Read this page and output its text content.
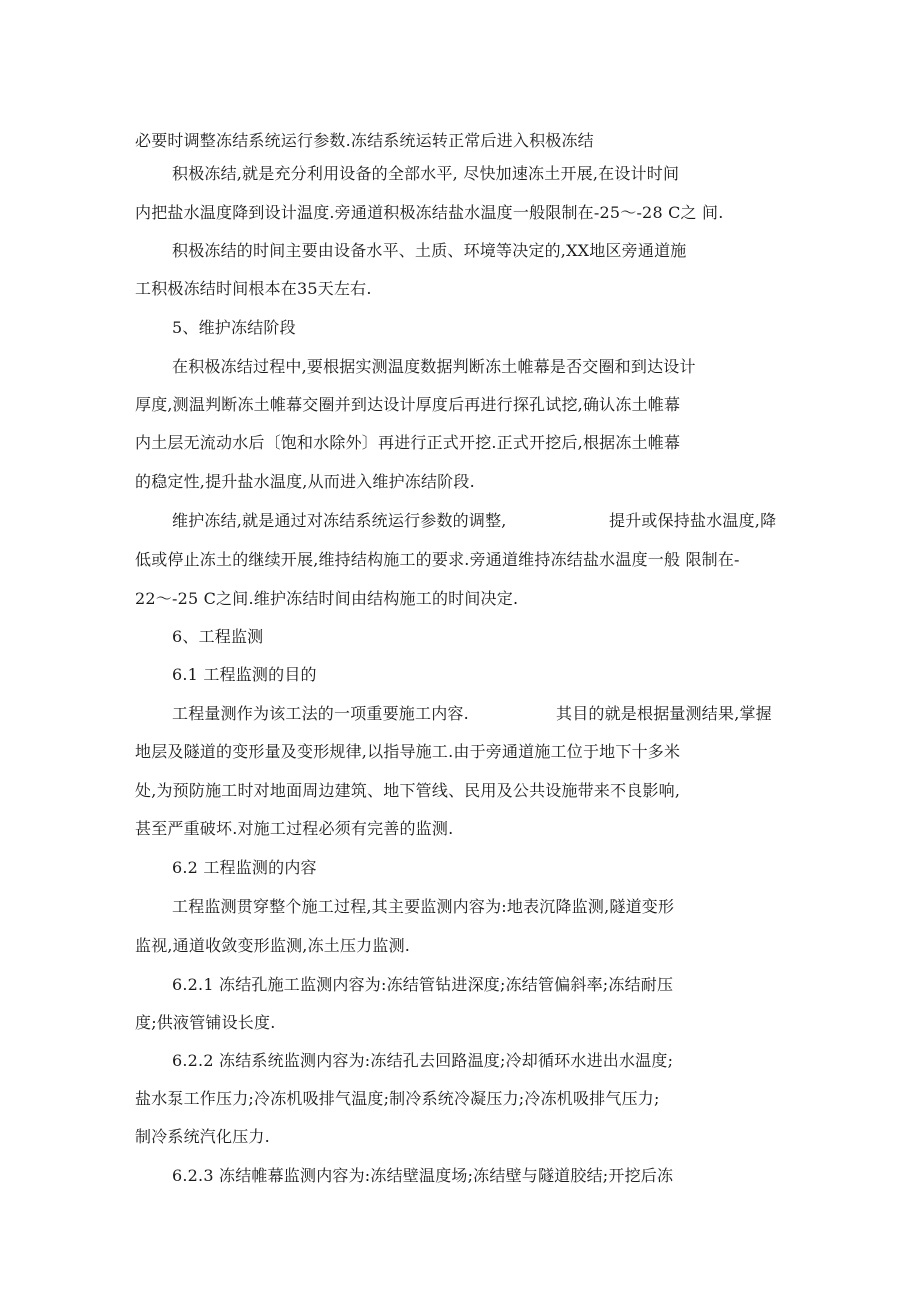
必要时调整冻结系统运行参数.冻结系统运转正常后进入积极冻结
积极冻结,就是充分利用设备的全部水平, 尽快加速冻土开展,在设计时间
内把盐水温度降到设计温度.旁通道积极冻结盐水温度一般限制在-25〜-28 C之 间.
积极冻结的时间主要由设备水平、土质、环境等决定的,XX地区旁通道施
工积极冻结时间根本在35天左右.
5、维护冻结阶段
在积极冻结过程中,要根据实测温度数据判断冻土帷幕是否交圈和到达设计
厚度,测温判断冻土帷幕交圈并到达设计厚度后再进行探孔试挖,确认冻土帷幕
内土层无流动水后〔饱和水除外〕再进行正式开挖.正式开挖后,根据冻土帷幕
的稳定性,提升盐水温度,从而进入维护冻结阶段.
维护冻结,就是通过对冻结系统运行参数的调整,	提升或保持盐水温度,降
低或停止冻土的继续开展,维持结构施工的要求.旁通道维持冻结盐水温度一般 限制在-
22〜-25 C之间.维护冻结时间由结构施工的时间决定.
6、工程监测
6.1 工程监测的目的
工程量测作为该工法的一项重要施工内容.	其目的就是根据量测结果,掌握
地层及隧道的变形量及变形规律,以指导施工.由于旁通道施工位于地下十多米
处,为预防施工时对地面周边建筑、地下管线、民用及公共设施带来不良影响,
甚至严重破坏.对施工过程必须有完善的监测.
6.2 工程监测的内容
工程监测贯穿整个施工过程,其主要监测内容为:地表沉降监测,隧道变形
监视,通道收敛变形监测,冻土压力监测.
6.2.1 冻结孔施工监测内容为:冻结管钻进深度;冻结管偏斜率;冻结耐压
度;供液管铺设长度.
6.2.2 冻结系统监测内容为:冻结孔去回路温度;冷却循环水进出水温度;
盐水泵工作压力;冷冻机吸排气温度;制冷系统冷凝压力;冷冻机吸排气压力;
制冷系统汽化压力.
6.2.3 冻结帷幕监测内容为:冻结壁温度场;冻结壁与隧道胶结;开挖后冻
